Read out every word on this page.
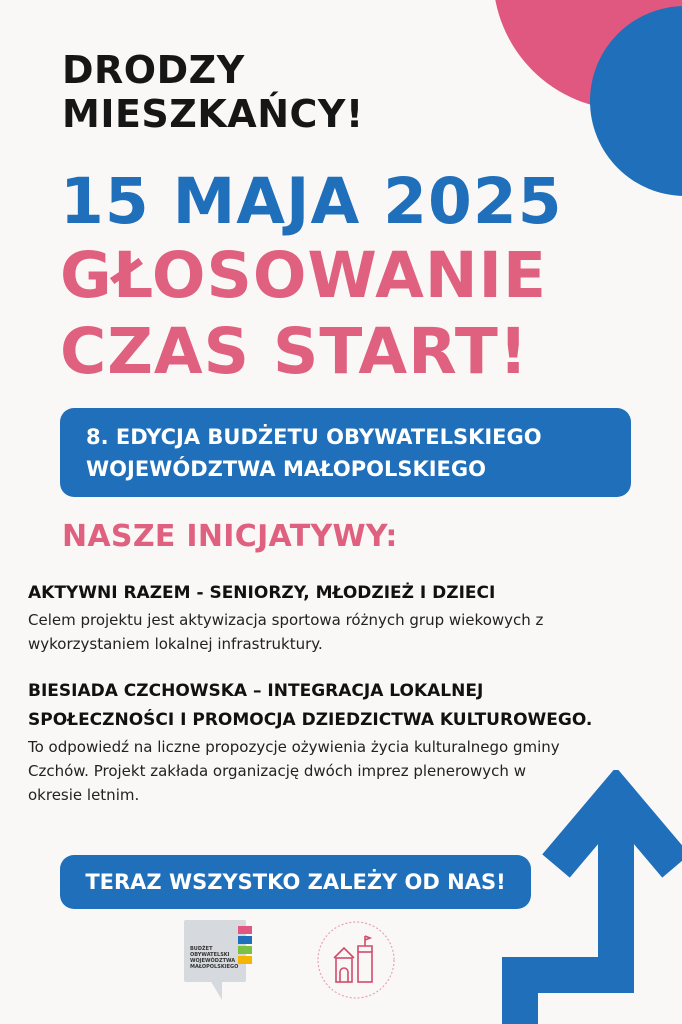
DRODZY
MIESZKAŃCY!
15 MAJA 2025
GŁOSOWANIE
CZAS START!
8. EDYCJA BUDŻETU OBYWATELSKIEGO
WOJEWÓDZTWA MAŁOPOLSKIEGO
NASZE INICJATYWY:
AKTYWNI RAZEM - SENIORZY, MŁODZIEŻ I DZIECI
Celem projektu jest aktywizacja sportowa różnych grup wiekowych z
wykorzystaniem lokalnej infrastruktury.
BIESIADA CZCHOWSKA – INTEGRACJA LOKALNEJ
SPOŁECZNOŚCI I PROMOCJA DZIEDZICTWA KULTUROWEGO.
To odpowiedź na liczne propozycje ożywienia życia kulturalnego gminy
Czchów. Projekt zakłada organizację dwóch imprez plenerowych w
okresie letnim.
TERAZ WSZYSTKO ZALEŻY OD NAS!
BUDŻET
OBYWATELSKI
WOJEWÓDZTWA
MAŁOPOLSKIEGO
